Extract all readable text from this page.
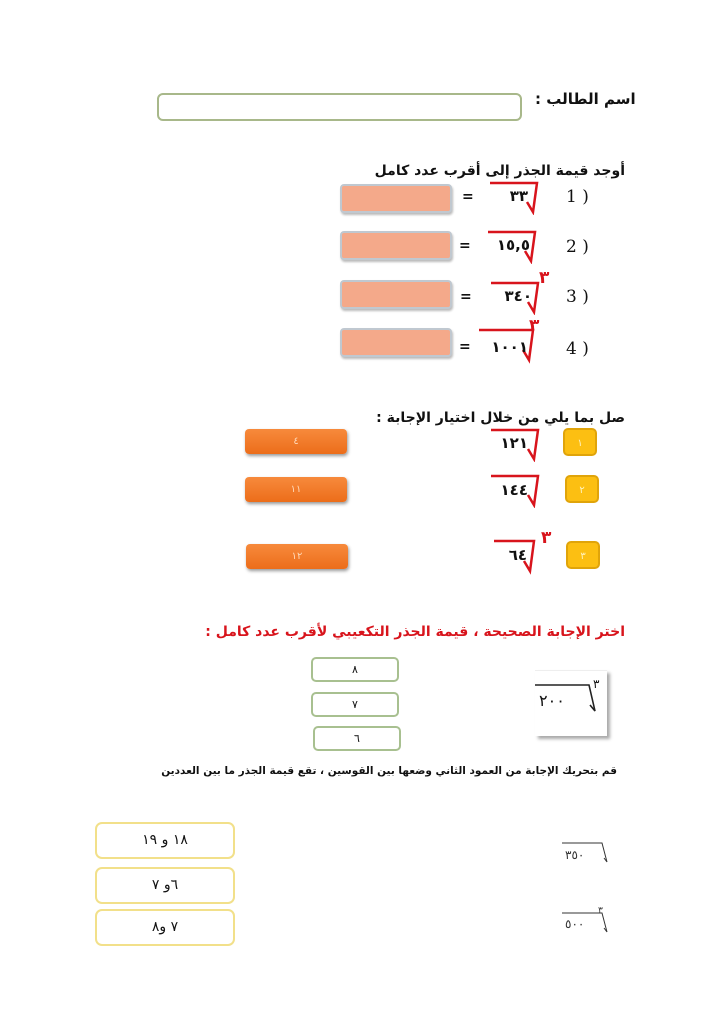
اسم الطالب :
أوجد قيمة الجذر إلى أقرب عدد كامل
1 )
٣٣
=
2 )
١٥,٥
=
3 )
٣
٣٤٠
=
4 )
٣
١٠٠١
=
صل بما يلي من خلال اختيار الإجابة :
١
١٢١
٢
١٤٤
٣
٣
٦٤
٤
١١
١٢
اختر الإجابة الصحيحة ، قيمة الجذر التكعيبي لأقرب عدد كامل :
٨
٧
٦
٣
٢٠٠
قم بتحريك الإجابة من العمود الثاني وضعها بين القوسين ، تقع قيمة الجذر ما بين العددين
١٨ و ١٩
٦و ٧
٧ و٨
٣٥٠
٣
٥٠٠
